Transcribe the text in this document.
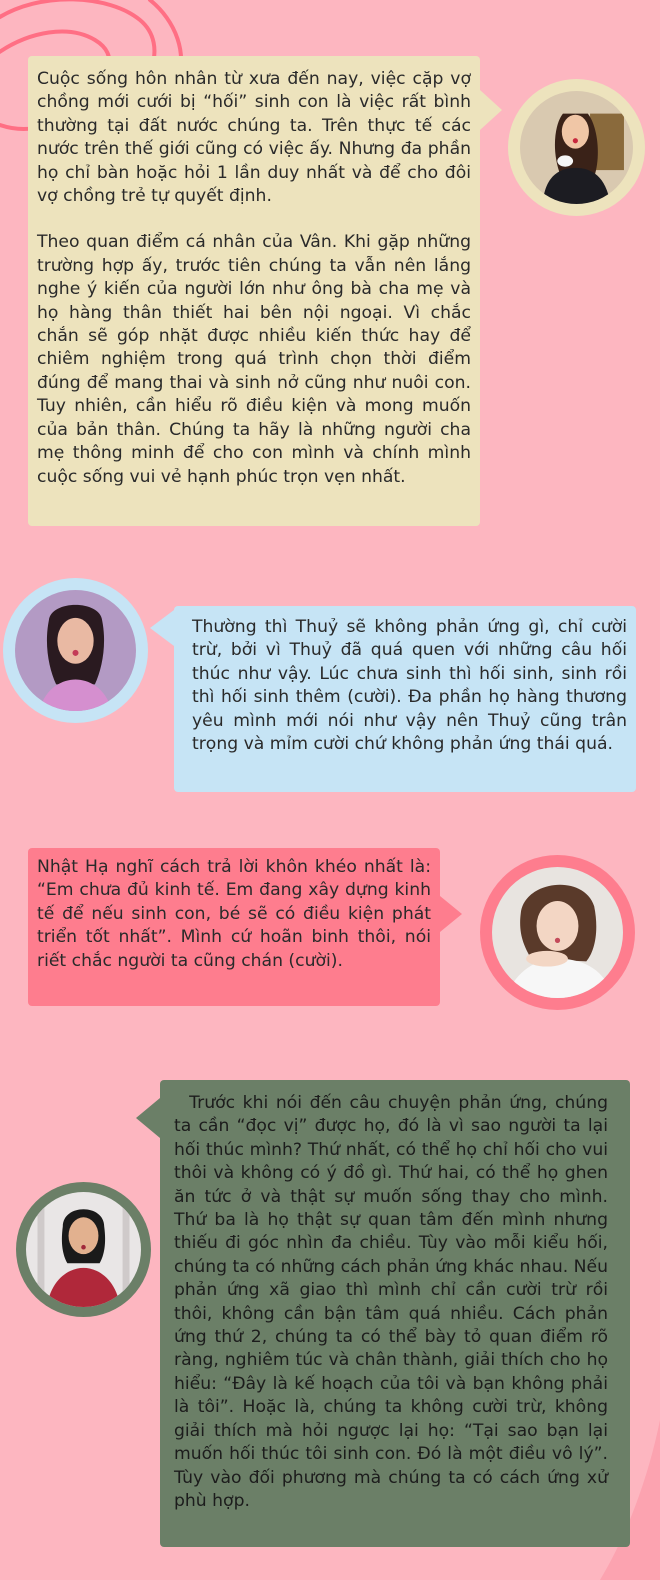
Cuộc sống hôn nhân từ xưa đến nay, việc cặp vợ chồng mới cưới bị “hối” sinh con là việc rất bình thường tại đất nước chúng ta. Trên thực tế các nước trên thế giới cũng có việc ấy. Nhưng đa phần họ chỉ bàn hoặc hỏi 1 lần duy nhất và để cho đôi vợ chồng trẻ tự quyết định.

Theo quan điểm cá nhân của Vân. Khi gặp những trường hợp ấy, trước tiên chúng ta vẫn nên lắng nghe ý kiến của người lớn như ông bà cha mẹ và họ hàng thân thiết hai bên nội ngoại. Vì chắc chắn sẽ góp nhặt được nhiều kiến thức hay để chiêm nghiệm trong quá trình chọn thời điểm đúng để mang thai và sinh nở cũng như nuôi con. Tuy nhiên, cần hiểu rõ điều kiện và mong muốn của bản thân. Chúng ta hãy là những người cha mẹ thông minh để cho con mình và chính mình cuộc sống vui vẻ hạnh phúc trọn vẹn nhất.

Thường thì Thuỷ sẽ không phản ứng gì, chỉ cười trừ, bởi vì Thuỷ đã quá quen với những câu hối thúc như vậy. Lúc chưa sinh thì hối sinh, sinh rồi thì hối sinh thêm (cười). Đa phần họ hàng thương yêu mình mới nói như vậy nên Thuỷ cũng trân trọng và mỉm cười chứ không phản ứng thái quá.

Nhật Hạ nghĩ cách trả lời khôn khéo nhất là: “Em chưa đủ kinh tế. Em đang xây dựng kinh tế để nếu sinh con, bé sẽ có điều kiện phát triển tốt nhất”. Mình cứ hoãn binh thôi, nói riết chắc người ta cũng chán (cười).

Trước khi nói đến câu chuyện phản ứng, chúng ta cần “đọc vị” được họ, đó là vì sao người ta lại hối thúc mình? Thứ nhất, có thể họ chỉ hối cho vui thôi và không có ý đồ gì. Thứ hai, có thể họ ghen ăn tức ở và thật sự muốn sống thay cho mình. Thứ ba là họ thật sự quan tâm đến mình nhưng thiếu đi góc nhìn đa chiều. Tùy vào mỗi kiểu hối, chúng ta có những cách phản ứng khác nhau. Nếu phản ứng xã giao thì mình chỉ cần cười trừ rồi thôi, không cần bận tâm quá nhiều. Cách phản ứng thứ 2, chúng ta có thể bày tỏ quan điểm rõ ràng, nghiêm túc và chân thành, giải thích cho họ hiểu: “Đây là kế hoạch của tôi và bạn không phải là tôi”. Hoặc là, chúng ta không cười trừ, không giải thích mà hỏi ngược lại họ: “Tại sao bạn lại muốn hối thúc tôi sinh con. Đó là một điều vô lý”. Tùy vào đối phương mà chúng ta có cách ứng xử phù hợp.
